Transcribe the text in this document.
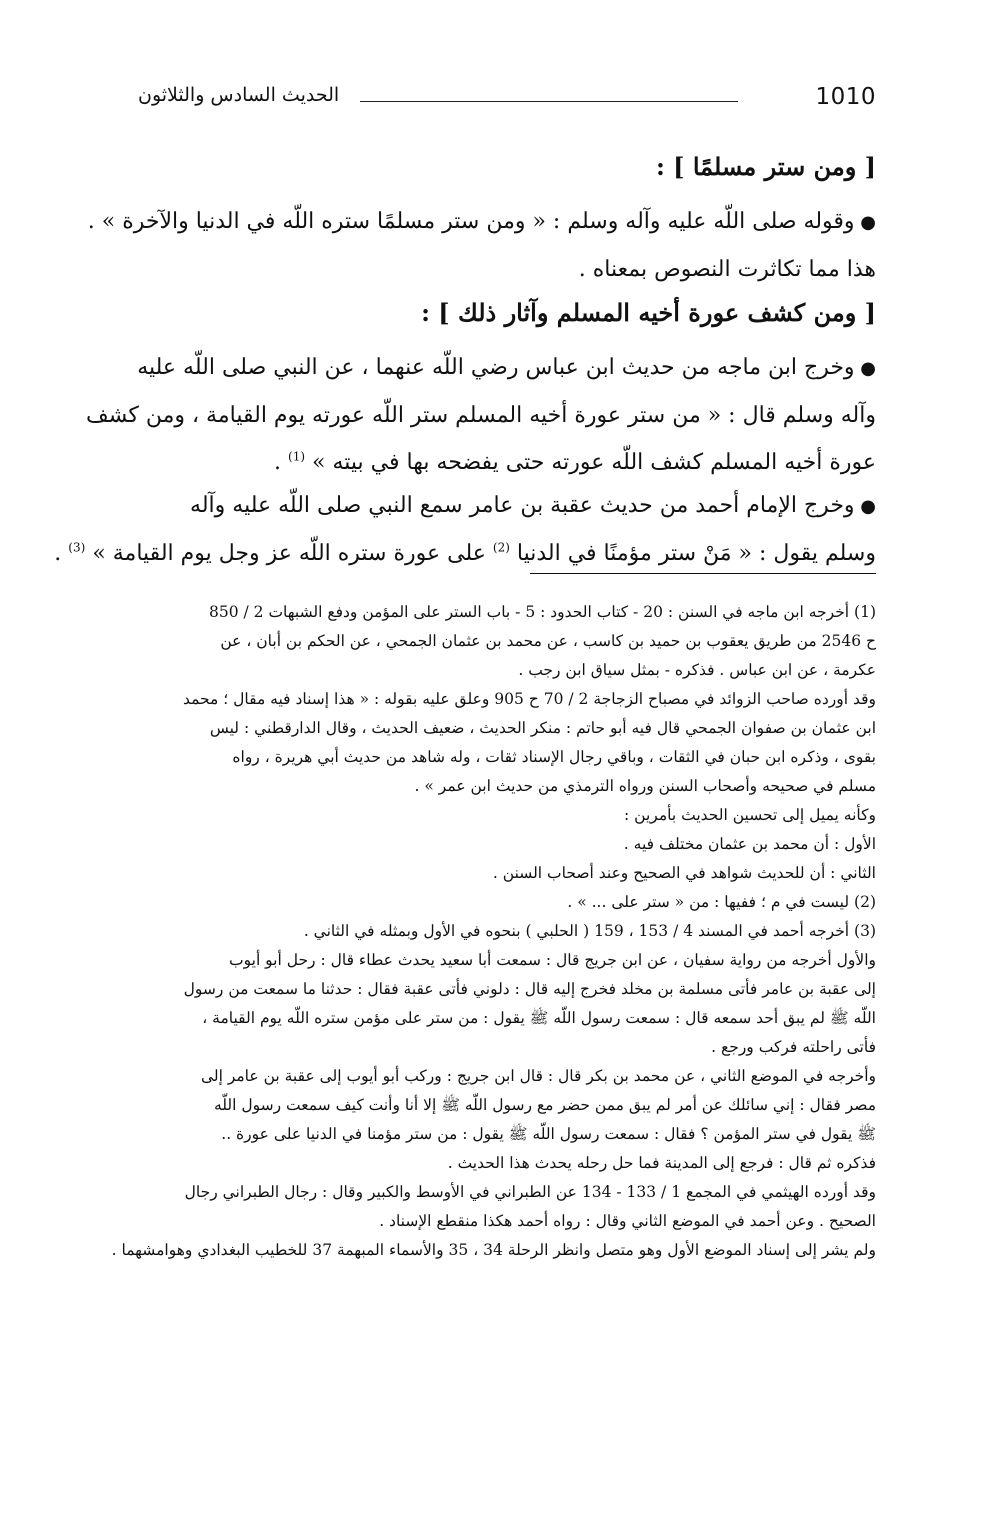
1010
الحديث السادس والثلاثون
[ ومن ستر مسلمًا ] :
● وقوله صلى اللّه عليه وآله وسلم : « ومن ستر مسلمًا ستره اللّه في الدنيا والآخرة » .
هذا مما تكاثرت النصوص بمعناه .
[ ومن كشف عورة أخيه المسلم وآثار ذلك ] :
● وخرج ابن ماجه من حديث ابن عباس رضي اللّه عنهما ، عن النبي صلى اللّه عليه
وآله وسلم قال : « من ستر عورة أخيه المسلم ستر اللّه عورته يوم القيامة ، ومن كشف
عورة أخيه المسلم كشف اللّه عورته حتى يفضحه بها في بيته » $^{(1)}$ .
● وخرج الإمام أحمد من حديث عقبة بن عامر سمع النبي صلى اللّه عليه وآله
وسلم يقول : « مَنْ ستر مؤمنًا في الدنيا $^{(2)}$ على عورة ستره اللّه عز وجل يوم القيامة » $^{(3)}$ .
(1) أخرجه ابن ماجه في السنن : 20 - كتاب الحدود : 5 - باب الستر على المؤمن ودفع الشبهات 2 / 850
ح 2546 من طريق يعقوب بن حميد بن كاسب ، عن محمد بن عثمان الجمحي ، عن الحكم بن أبان ، عن
عكرمة ، عن ابن عباس . فذكره - بمثل سياق ابن رجب .
وقد أورده صاحب الزوائد في مصباح الزجاجة 2 / 70 ح 905 وعلق عليه بقوله : « هذا إسناد فيه مقال ؛ محمد
ابن عثمان بن صفوان الجمحي قال فيه أبو حاتم : منكر الحديث ، ضعيف الحديث ، وقال الدارقطني : ليس
بقوى ، وذكره ابن حبان في الثقات ، وباقي رجال الإسناد ثقات ، وله شاهد من حديث أبي هريرة ، رواه
مسلم في صحيحه وأصحاب السنن ورواه الترمذي من حديث ابن عمر » .
وكأنه يميل إلى تحسين الحديث بأمرين :
الأول : أن محمد بن عثمان مختلف فيه .
الثاني : أن للحديث شواهد في الصحيح وعند أصحاب السنن .
(2) ليست في م ؛ ففيها : من « ستر على ... » .
(3) أخرجه أحمد في المسند 4 / 153 ، 159 ( الحلبي ) بنحوه في الأول وبمثله في الثاني .
والأول أخرجه من رواية سفيان ، عن ابن جريج قال : سمعت أبا سعيد يحدث عطاء قال : رحل أبو أيوب
إلى عقبة بن عامر فأتى مسلمة بن مخلد فخرج إليه قال : دلوني فأتى عقبة فقال : حدثنا ما سمعت من رسول
اللّه ﷺ لم يبق أحد سمعه قال : سمعت رسول اللّه ﷺ يقول : من ستر على مؤمن ستره اللّه يوم القيامة ،
فأتى راحلته فركب ورجع .
وأخرجه في الموضع الثاني ، عن محمد بن بكر قال : قال ابن جريج : وركب أبو أيوب إلى عقبة بن عامر إلى
مصر فقال : إني سائلك عن أمر لم يبق ممن حضر مع رسول اللّه ﷺ إلا أنا وأنت كيف سمعت رسول اللّه
ﷺ يقول في ستر المؤمن ؟ فقال : سمعت رسول اللّه ﷺ يقول : من ستر مؤمنا في الدنيا على عورة ..
فذكره ثم قال : فرجع إلى المدينة فما حل رحله يحدث هذا الحديث .
وقد أورده الهيثمي في المجمع 1 / 133 - 134 عن الطبراني في الأوسط والكبير وقال : رجال الطبراني رجال
الصحيح . وعن أحمد في الموضع الثاني وقال : رواه أحمد هكذا منقطع الإسناد .
ولم يشر إلى إسناد الموضع الأول وهو متصل وانظر الرحلة 34 ، 35 والأسماء المبهمة 37 للخطيب البغدادي وهوامشهما .
